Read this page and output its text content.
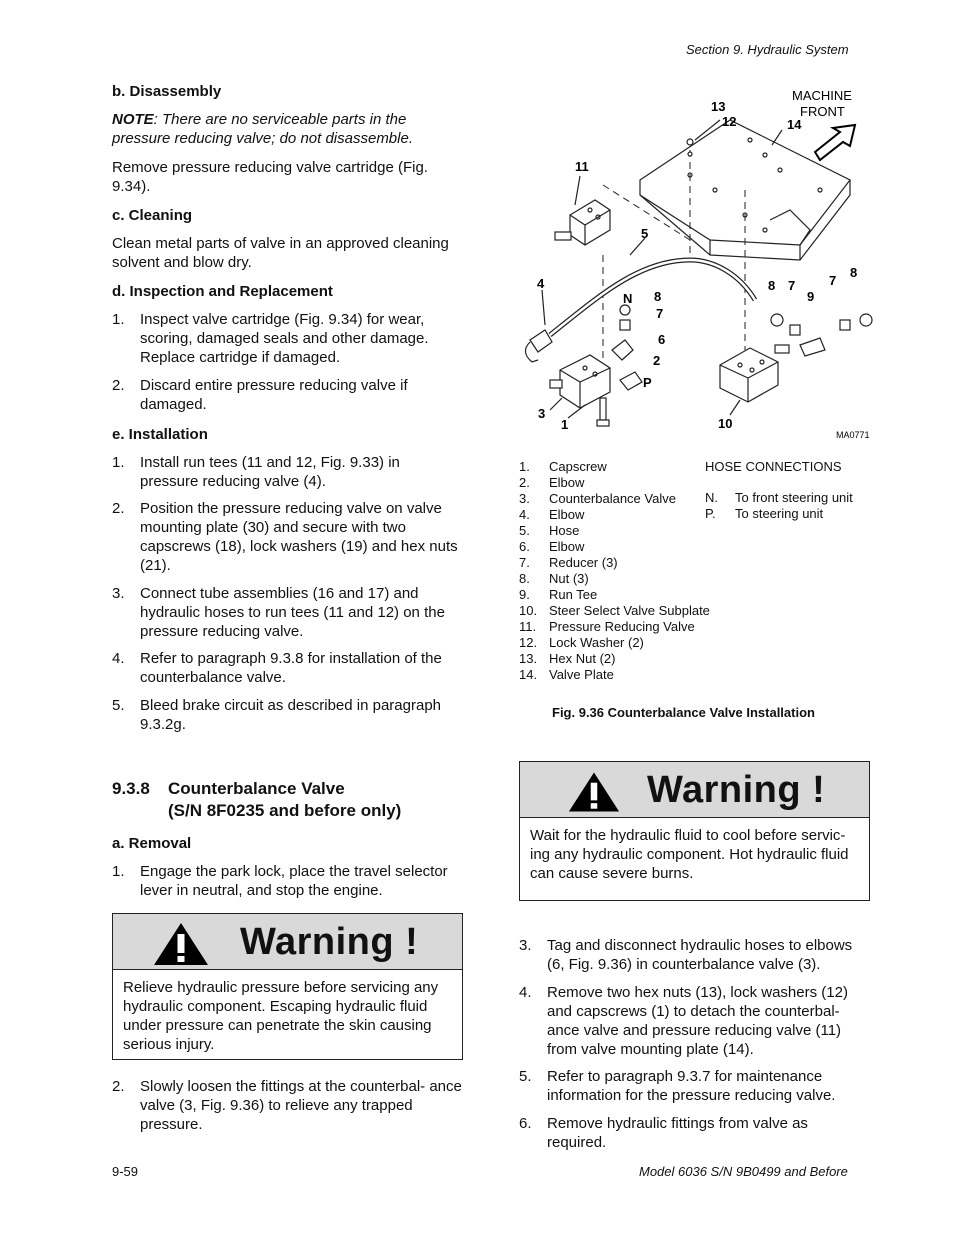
Section 9. Hydraulic System
b. Disassembly

NOTE: There are no serviceable parts in the pressure reducing valve; do not disassemble.

Remove pressure reducing valve cartridge (Fig. 9.34).

c. Cleaning

Clean metal parts of valve in an approved cleaning solvent and blow dry.

d. Inspection and Replacement
1. Inspect valve cartridge (Fig. 9.34) for wear, scoring, damaged seals and other damage. Replace cartridge if damaged.
2. Discard entire pressure reducing valve if damaged.
e. Installation
1. Install run tees (11 and 12, Fig. 9.33) in pressure reducing valve (4).
2. Position the pressure reducing valve on valve mounting plate (30) and secure with two capscrews (18), lock washers (19) and hex nuts (21).
3. Connect tube assemblies (16 and 17) and hydraulic hoses to run tees (11 and 12) on the pressure reducing valve.
4. Refer to paragraph 9.3.8 for installation of the counterbalance valve.
5. Bleed brake circuit as described in paragraph 9.3.2g.
9.3.8 Counterbalance Valve
(S/N 8F0235 and before only)
a. Removal
1. Engage the park lock, place the travel selector lever in neutral, and stop the engine.
Warning !
Relieve hydraulic pressure before servicing any hydraulic component. Escaping hydraulic fluid under pressure can penetrate the skin causing serious injury.
2. Slowly loosen the fittings at the counterbal- ance valve (3, Fig. 9.36) to relieve any trapped pressure.
MACHINE
FRONT
13
12	14
11
5
4
N 8
7
6
2
P
3
1	10
8 7
9
7
8
MA0771
1. Capscrew
2. Elbow
3. Counterbalance Valve
4. Elbow
5. Hose
6. Elbow
7. Reducer (3)
8. Nut (3)
9. Run Tee
10. Steer Select Valve Subplate
11. Pressure Reducing Valve
12. Lock Washer (2)
13. Hex Nut (2)
14. Valve Plate
HOSE CONNECTIONS
N. To front steering unit
P. To steering unit
Fig. 9.36 Counterbalance Valve Installation
Warning !
Wait for the hydraulic fluid to cool before servic- ing any hydraulic component. Hot hydraulic fluid can cause severe burns.
3. Tag and disconnect hydraulic hoses to elbows (6, Fig. 9.36) in counterbalance valve (3).
4. Remove two hex nuts (13), lock washers (12) and capscrews (1) to detach the counterbal- ance valve and pressure reducing valve (11) from valve mounting plate (14).
5. Refer to paragraph 9.3.7 for maintenance information for the pressure reducing valve.
6. Remove hydraulic fittings from valve as required.
9-59	Model 6036 S/N 9B0499 and Before
